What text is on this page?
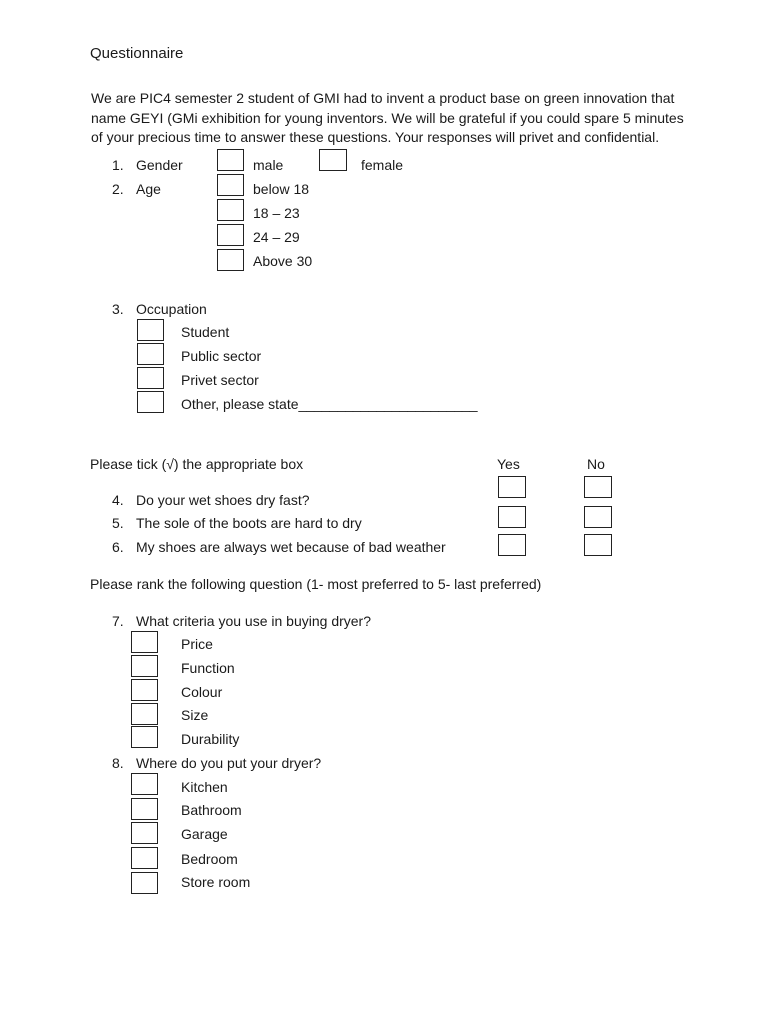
Questionnaire
We are PIC4 semester 2 student of GMI had to invent a product base on green innovation that
name GEYI (GMi exhibition for young inventors. We will be grateful if you could spare 5 minutes
of your precious time to answer these questions. Your responses will privet and confidential.
1. Gender	male	female
2. Age	below 18
18 – 23
24 – 29
Above 30
3. Occupation
Student
Public sector
Privet sector
Other, please state_______________________
Please tick (√) the appropriate box	Yes	No
4. Do your wet shoes dry fast?
5. The sole of the boots are hard to dry
6. My shoes are always wet because of bad weather
Please rank the following question (1- most preferred to 5- last preferred)
7. What criteria you use in buying dryer?
Price
Function
Colour
Size
Durability
8. Where do you put your dryer?
Kitchen
Bathroom
Garage
Bedroom
Store room
